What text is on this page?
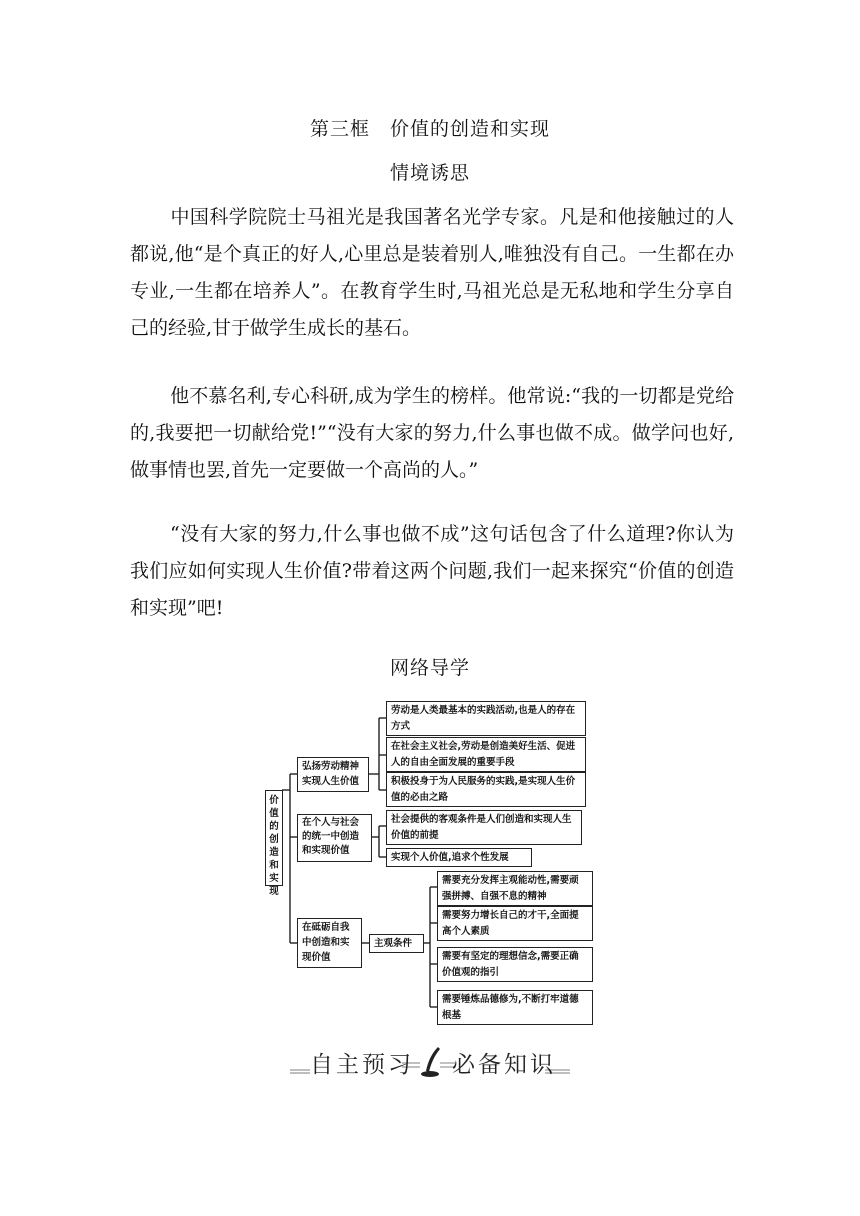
第三框 价值的创造和实现
情境诱思

中国科学院院士马祖光是我国著名光学专家。凡是和他接触过的人都说,他“是个真正的好人,心里总是装着别人,唯独没有自己。一生都在办专业,一生都在培养人”。在教育学生时,马祖光总是无私地和学生分享自己的经验,甘于做学生成长的基石。

他不慕名利,专心科研,成为学生的榜样。他常说:“我的一切都是党给的,我要把一切献给党!”“没有大家的努力,什么事也做不成。做学问也好,做事情也罢,首先一定要做一个高尚的人。”

“没有大家的努力,什么事也做不成”这句话包含了什么道理?你认为我们应如何实现人生价值?带着这两个问题,我们一起来探究“价值的创造和实现”吧!

网络导学
价值的创造和实现
弘扬劳动精神实现人生价值
劳动是人类最基本的实践活动,也是人的存在方式
在社会主义社会,劳动是创造美好生活、促进人的自由全面发展的重要手段
积极投身于为人民服务的实践,是实现人生价值的必由之路
在个人与社会的统一中创造和实现价值
社会提供的客观条件是人们创造和实现人生价值的前提
实现个人价值,追求个性发展
在砥砺自我中创造和实现价值
主观条件
需要充分发挥主观能动性,需要顽强拼搏、自强不息的精神
需要努力增长自己的才干,全面提高个人素质
需要有坚定的理想信念,需要正确价值观的指引
需要锤炼品德修为,不断打牢道德根基
自主预习 必备知识
